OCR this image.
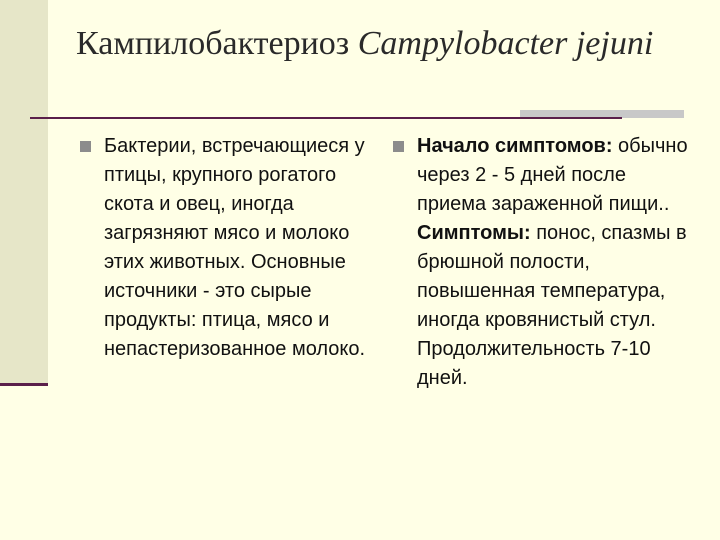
Кампилобактериоз Campylobacter jejuni
Бактерии, встречающиеся у птицы, крупного рогатого скота и овец, иногда загрязняют мясо и молоко этих животных. Основные источники - это сырые продукты: птица, мясо и непастеризованное молоко.
Начало симптомов: обычно через 2 - 5 дней после приема зараженной пищи.. Симптомы: понос, спазмы в брюшной полости, повышенная температура, иногда кровянистый стул. Продолжительность 7-10 дней.
